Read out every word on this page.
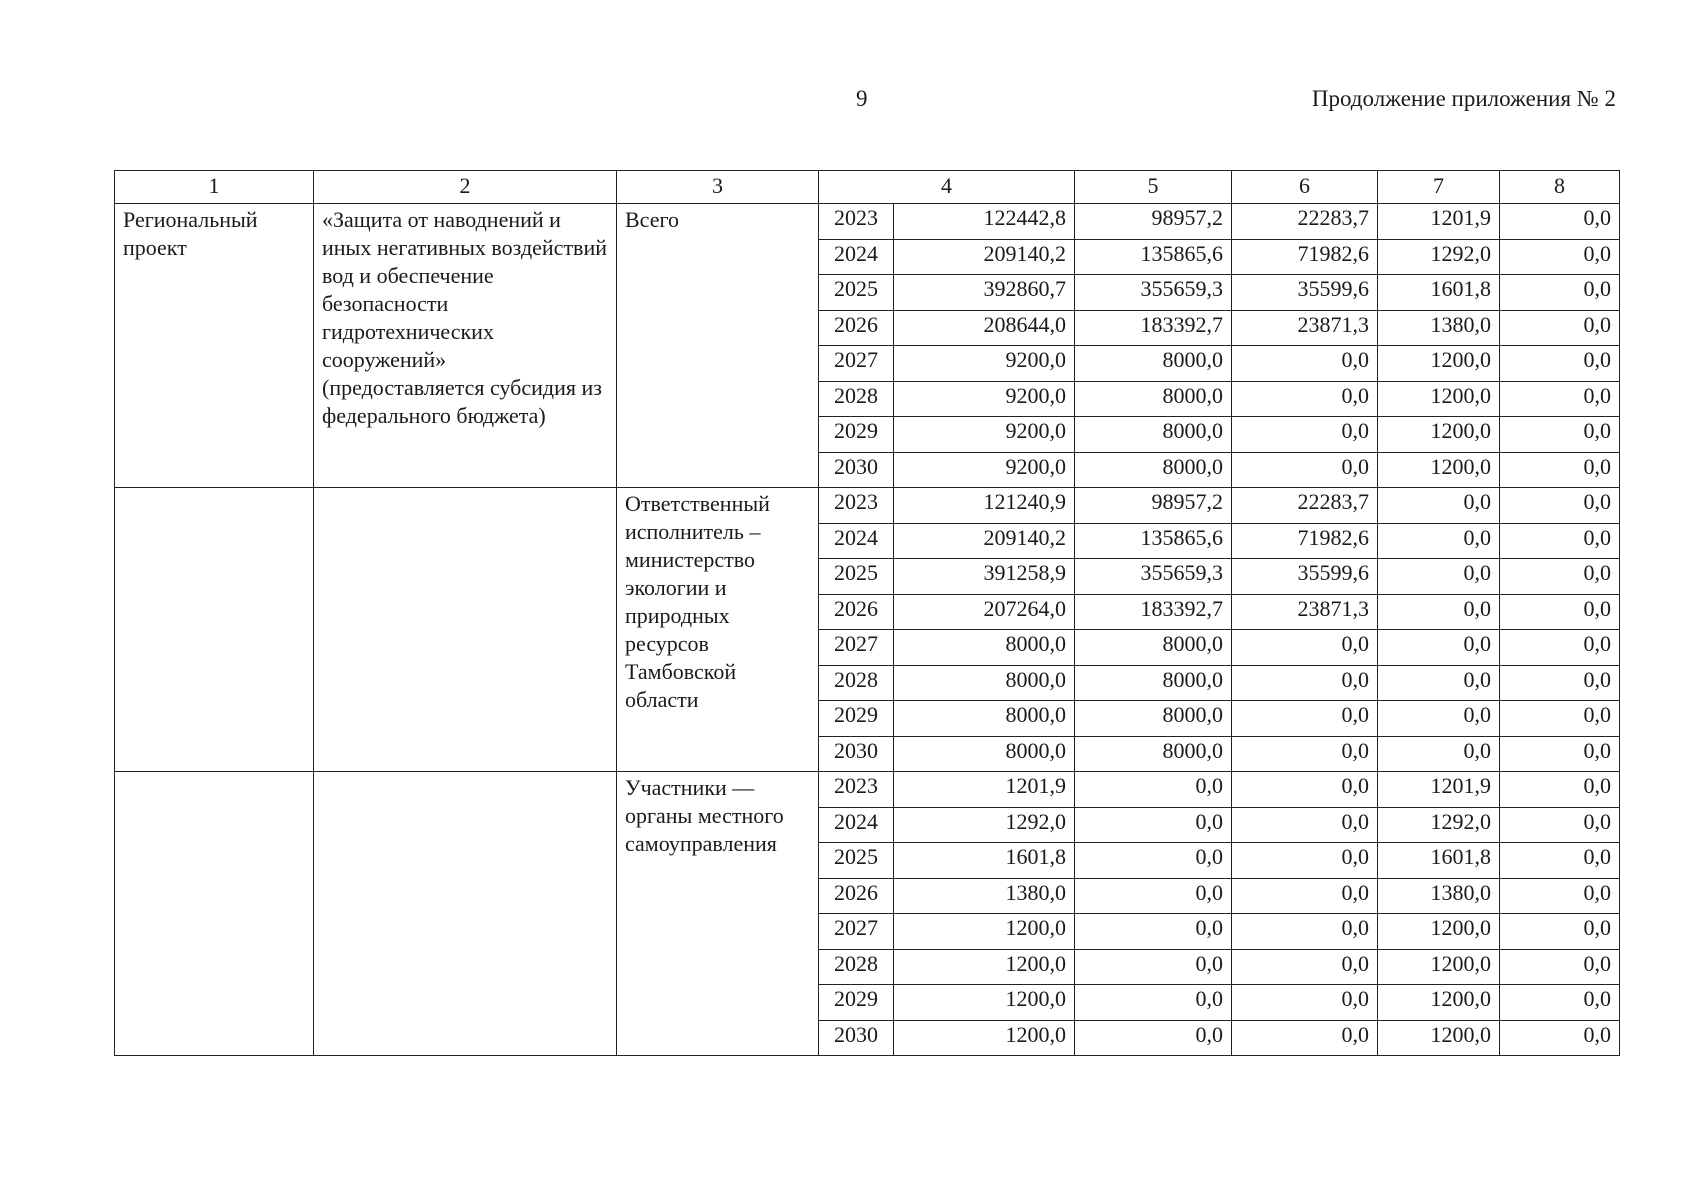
9	Продолжение приложения № 2
1	2	3	4		5	6	7	8
Региональный проект	«Защита от наводнений и иных негативных воздействий вод и обеспечение безопасности гидротехнических сооружений» (предоставляется субсидия из федерального бюджета)	Всего	2023	122442,8	98957,2	22283,7	1201,9	0,0
			2024	209140,2	135865,6	71982,6	1292,0	0,0
			2025	392860,7	355659,3	35599,6	1601,8	0,0
			2026	208644,0	183392,7	23871,3	1380,0	0,0
			2027	9200,0	8000,0	0,0	1200,0	0,0
			2028	9200,0	8000,0	0,0	1200,0	0,0
			2029	9200,0	8000,0	0,0	1200,0	0,0
			2030	9200,0	8000,0	0,0	1200,0	0,0
		Ответственный исполнитель – министерство экологии и природных ресурсов Тамбовской области	2023	121240,9	98957,2	22283,7	0,0	0,0
			2024	209140,2	135865,6	71982,6	0,0	0,0
			2025	391258,9	355659,3	35599,6	0,0	0,0
			2026	207264,0	183392,7	23871,3	0,0	0,0
			2027	8000,0	8000,0	0,0	0,0	0,0
			2028	8000,0	8000,0	0,0	0,0	0,0
			2029	8000,0	8000,0	0,0	0,0	0,0
			2030	8000,0	8000,0	0,0	0,0	0,0
		Участники — органы местного самоуправления	2023	1201,9	0,0	0,0	1201,9	0,0
			2024	1292,0	0,0	0,0	1292,0	0,0
			2025	1601,8	0,0	0,0	1601,8	0,0
			2026	1380,0	0,0	0,0	1380,0	0,0
			2027	1200,0	0,0	0,0	1200,0	0,0
			2028	1200,0	0,0	0,0	1200,0	0,0
			2029	1200,0	0,0	0,0	1200,0	0,0
			2030	1200,0	0,0	0,0	1200,0	0,0
